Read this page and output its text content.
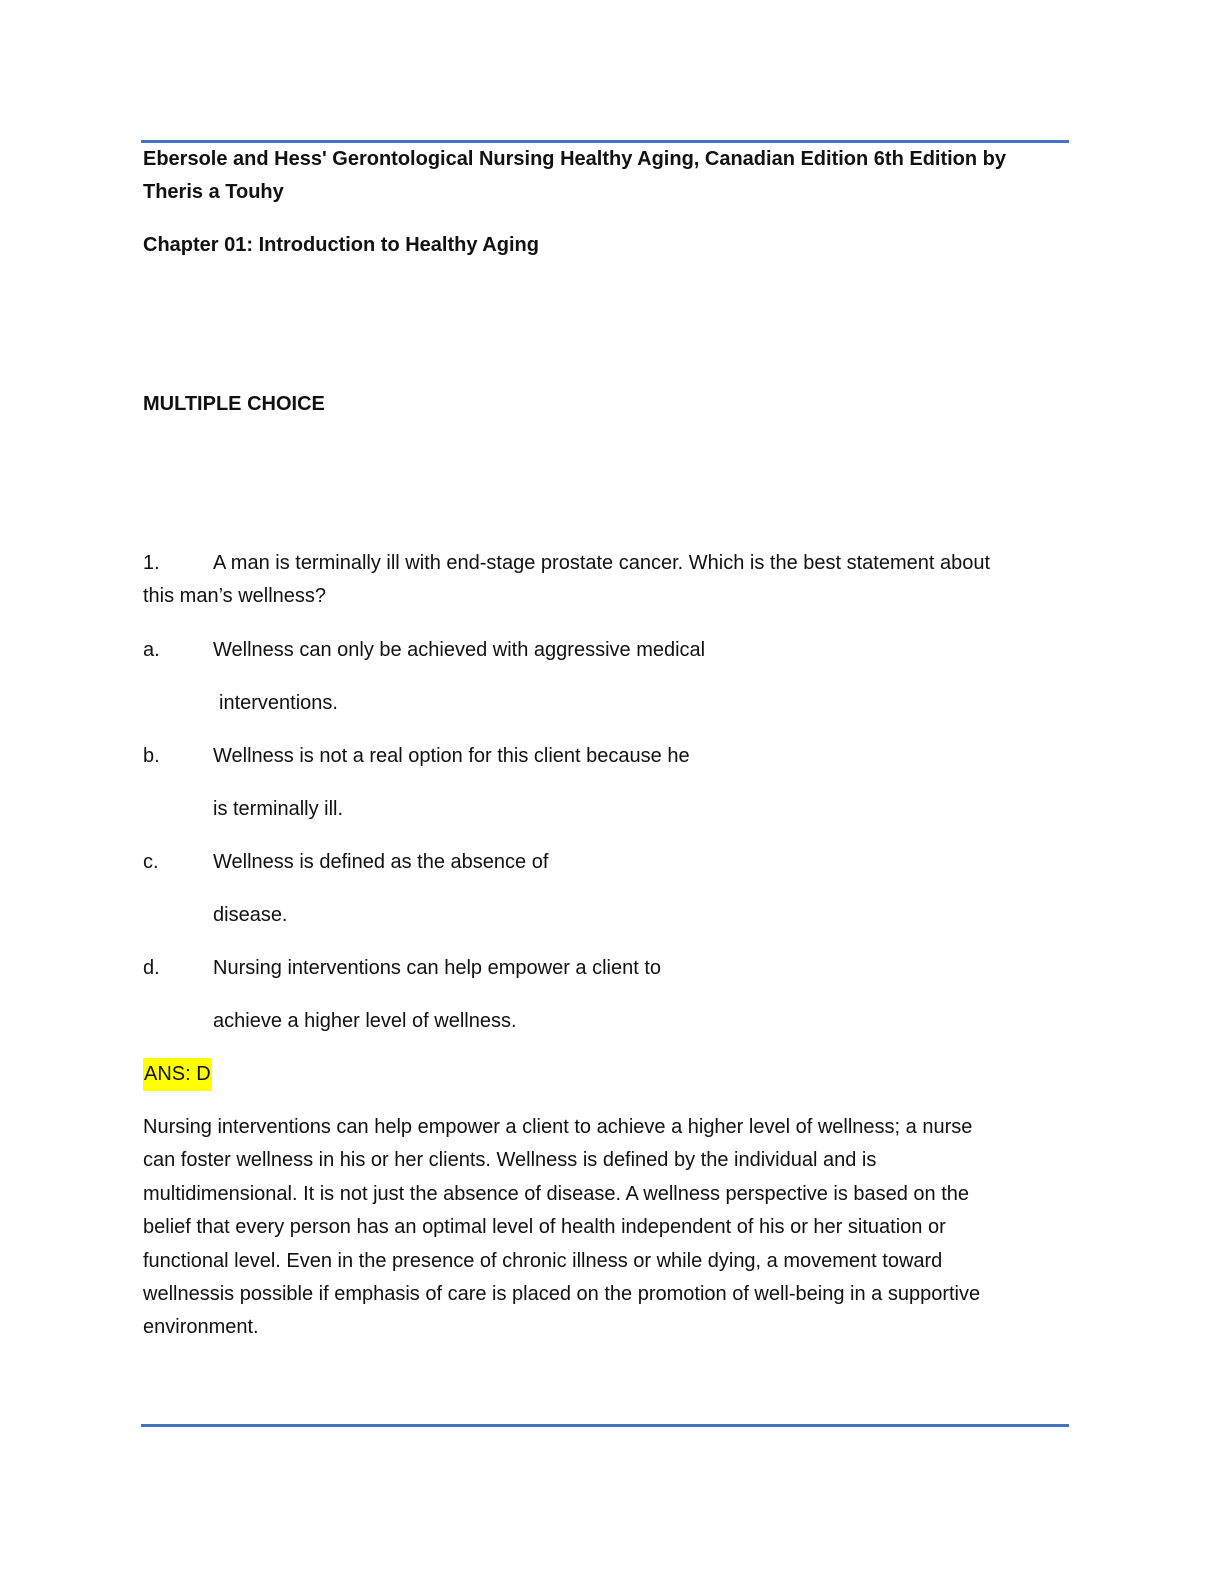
Ebersole and Hess' Gerontological Nursing Healthy Aging, Canadian Edition 6th Edition by
Theris a Touhy
Chapter 01: Introduction to Healthy Aging
MULTIPLE CHOICE
1.	A man is terminally ill with end-stage prostate cancer. Which is the best statement about
this man’s wellness?
a.	Wellness can only be achieved with aggressive medical
interventions.
b.	Wellness is not a real option for this client because he
is terminally ill.
c.	Wellness is defined as the absence of
disease.
d.	Nursing interventions can help empower a client to
achieve a higher level of wellness.
ANS: D
Nursing interventions can help empower a client to achieve a higher level of wellness; a nurse
can foster wellness in his or her clients. Wellness is defined by the individual and is
multidimensional. It is not just the absence of disease. A wellness perspective is based on the
belief that every person has an optimal level of health independent of his or her situation or
functional level. Even in the presence of chronic illness or while dying, a movement toward
wellnessis possible if emphasis of care is placed on the promotion of well-being in a supportive
environment.
